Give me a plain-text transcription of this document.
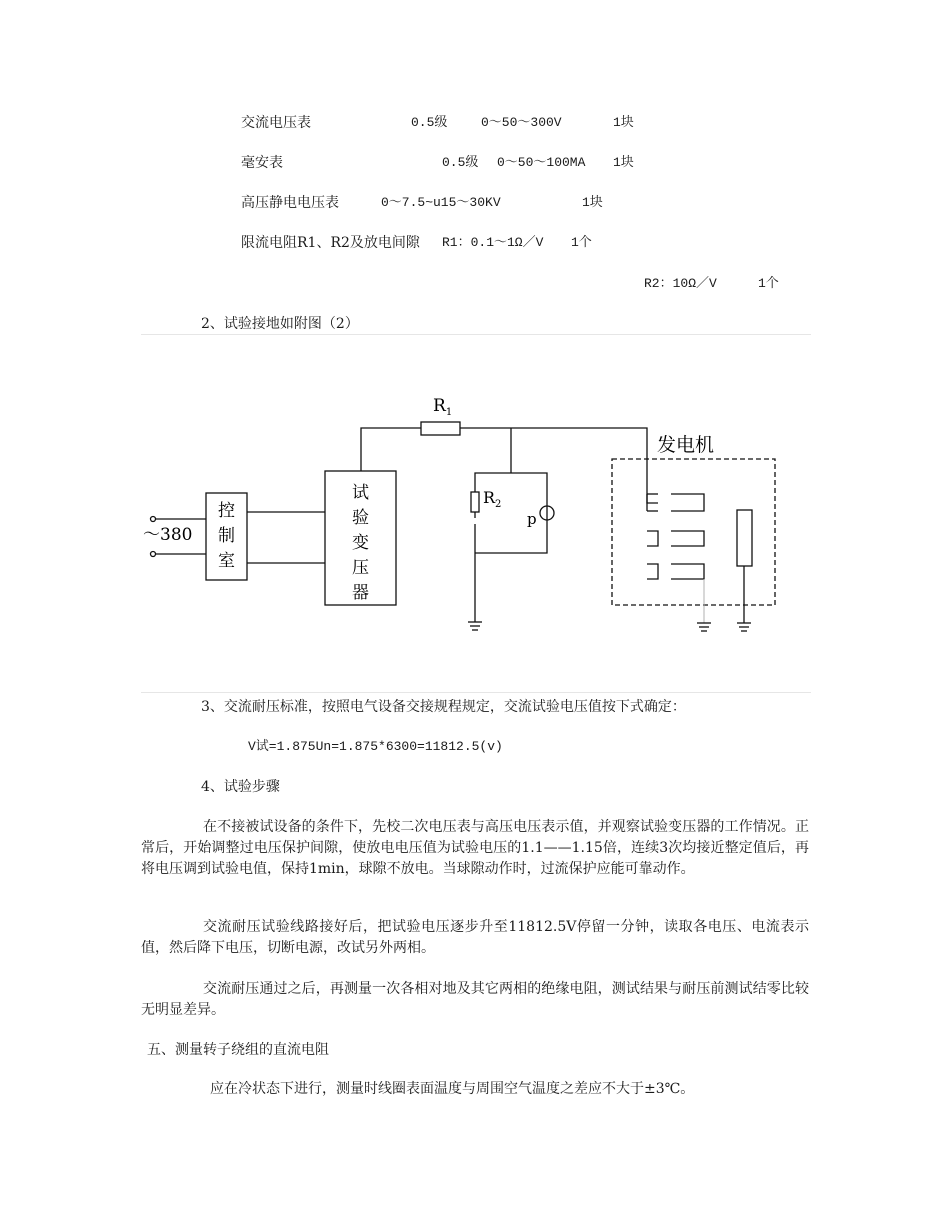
交流电压表	0.5级	0～50～300V	1块
毫安表	0.5级 0～50～100MA 1块
高压静电电压表	0～7.5~u15～30KV	1块
限流电阻R1、R2及放电间隙 R1：0.1～1Ω／V 1个
R2：10Ω／V	1个
2、试验接地如附图（2）
$R_1$
$R_2$
p
发电机
～380
控
制
室
试
验
变
压
器
3、交流耐压标准，按照电气设备交接规程规定，交流试验电压值按下式确定：
V试=1.875Un=1.875*6300=11812.5(v)
4、试验步骤
在不接被试设备的条件下，先校二次电压表与高压电压表示值，并观察试验变压器的工作情况。正常后，开始调整过电压保护间隙，使放电电压值为试验电压的1.1——1.15倍，连续3次均接近整定值后，再将电压调到试验电值，保持1min，球隙不放电。当球隙动作时，过流保护应能可靠动作。
交流耐压试验线路接好后，把试验电压逐步升至11812.5V停留一分钟，读取各电压、电流表示值，然后降下电压，切断电源，改试另外两相。
交流耐压通过之后，再测量一次各相对地及其它两相的绝缘电阻，测试结果与耐压前测试结零比较无明显差异。
五、测量转子绕组的直流电阻
应在冷状态下进行，测量时线圈表面温度与周围空气温度之差应不大于±3℃。
